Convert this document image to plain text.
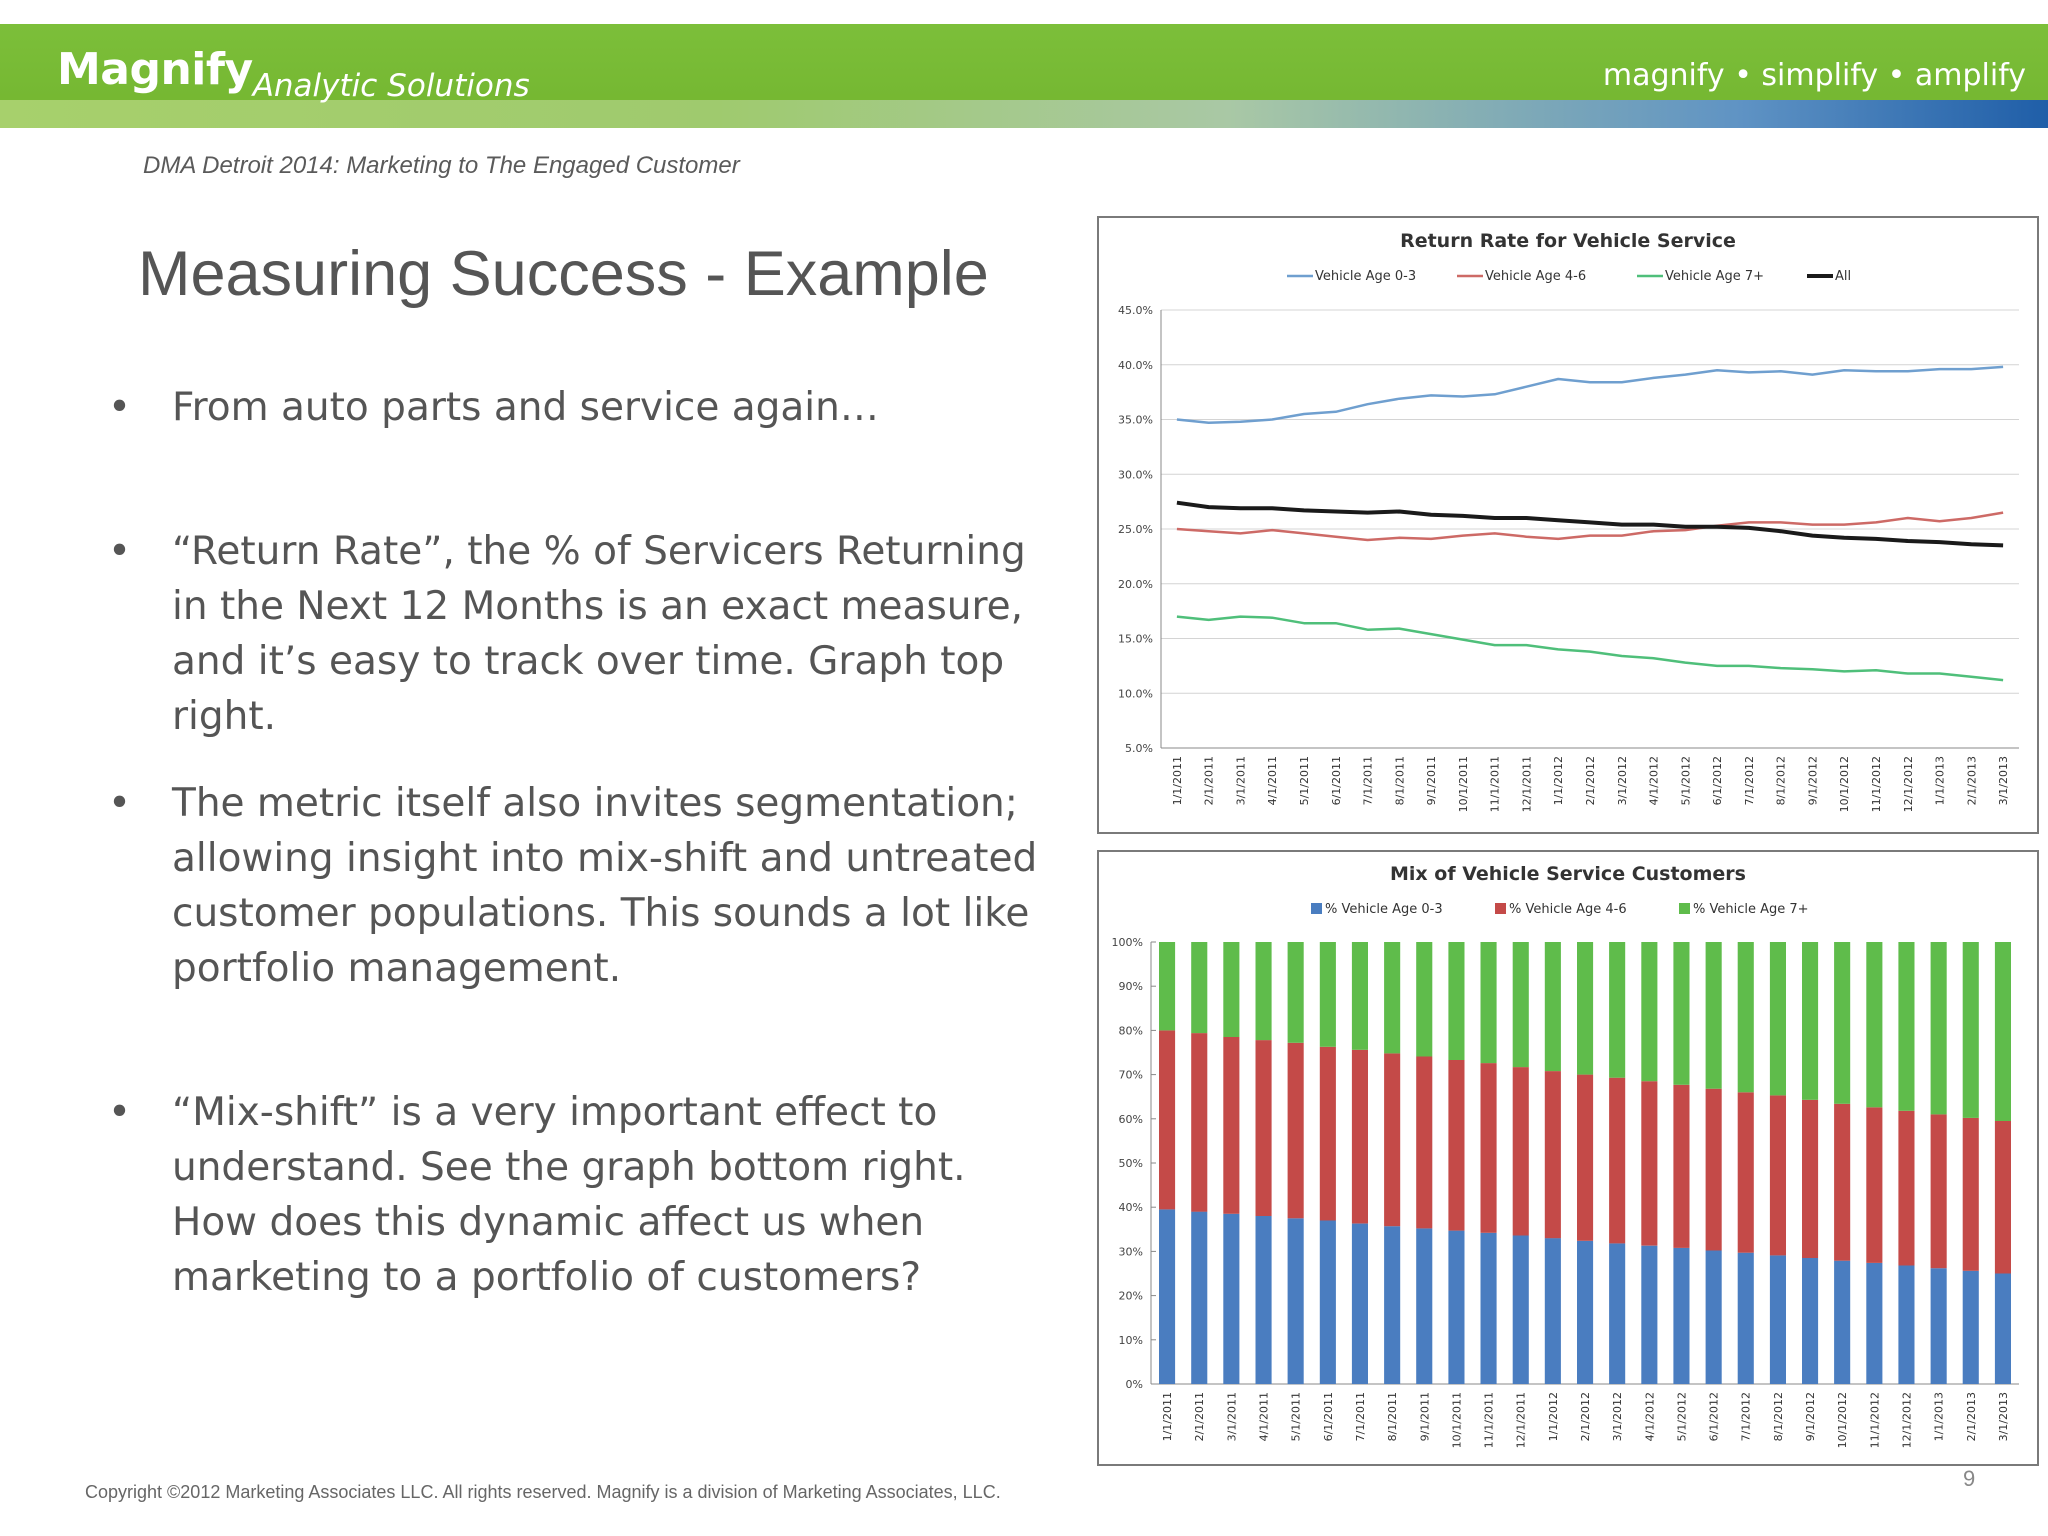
MagnifyAnalytic Solutions	magnify • simplify • amplify
DMA Detroit 2014: Marketing to The Engaged Customer
Measuring Success - Example
• From auto parts and service again…
• “Return Rate”, the % of Servicers Returning in the Next 12 Months is an exact measure, and it’s easy to track over time. Graph top right.
• The metric itself also invites segmentation; allowing insight into mix-shift and untreated customer populations. This sounds a lot like portfolio management.
• “Mix-shift” is a very important effect to understand. See the graph bottom right. How does this dynamic affect us when marketing to a portfolio of customers?
Return Rate for Vehicle Service
Vehicle Age 0-3	Vehicle Age 4-6	Vehicle Age 7+	All
5.0%
10.0%
15.0%
20.0%
25.0%
30.0%
35.0%
40.0%
45.0%
1/1/2011 2/1/2011 3/1/2011 4/1/2011 5/1/2011 6/1/2011 7/1/2011 8/1/2011 9/1/2011 10/1/2011 11/1/2011 12/1/2011 1/1/2012 2/1/2012 3/1/2012 4/1/2012 5/1/2012 6/1/2012 7/1/2012 8/1/2012 9/1/2012 10/1/2012 11/1/2012 12/1/2012 1/1/2013 2/1/2013 3/1/2013
Mix of Vehicle Service Customers
% Vehicle Age 0-3	% Vehicle Age 4-6	% Vehicle Age 7+
0%
10%
20%
30%
40%
50%
60%
70%
80%
90%
100%
1/1/2011 2/1/2011 3/1/2011 4/1/2011 5/1/2011 6/1/2011 7/1/2011 8/1/2011 9/1/2011 10/1/2011 11/1/2011 12/1/2011 1/1/2012 2/1/2012 3/1/2012 4/1/2012 5/1/2012 6/1/2012 7/1/2012 8/1/2012 9/1/2012 10/1/2012 11/1/2012 12/1/2012 1/1/2013 2/1/2013 3/1/2013
Copyright ©2012 Marketing Associates LLC. All rights reserved. Magnify is a division of Marketing Associates, LLC.
9
